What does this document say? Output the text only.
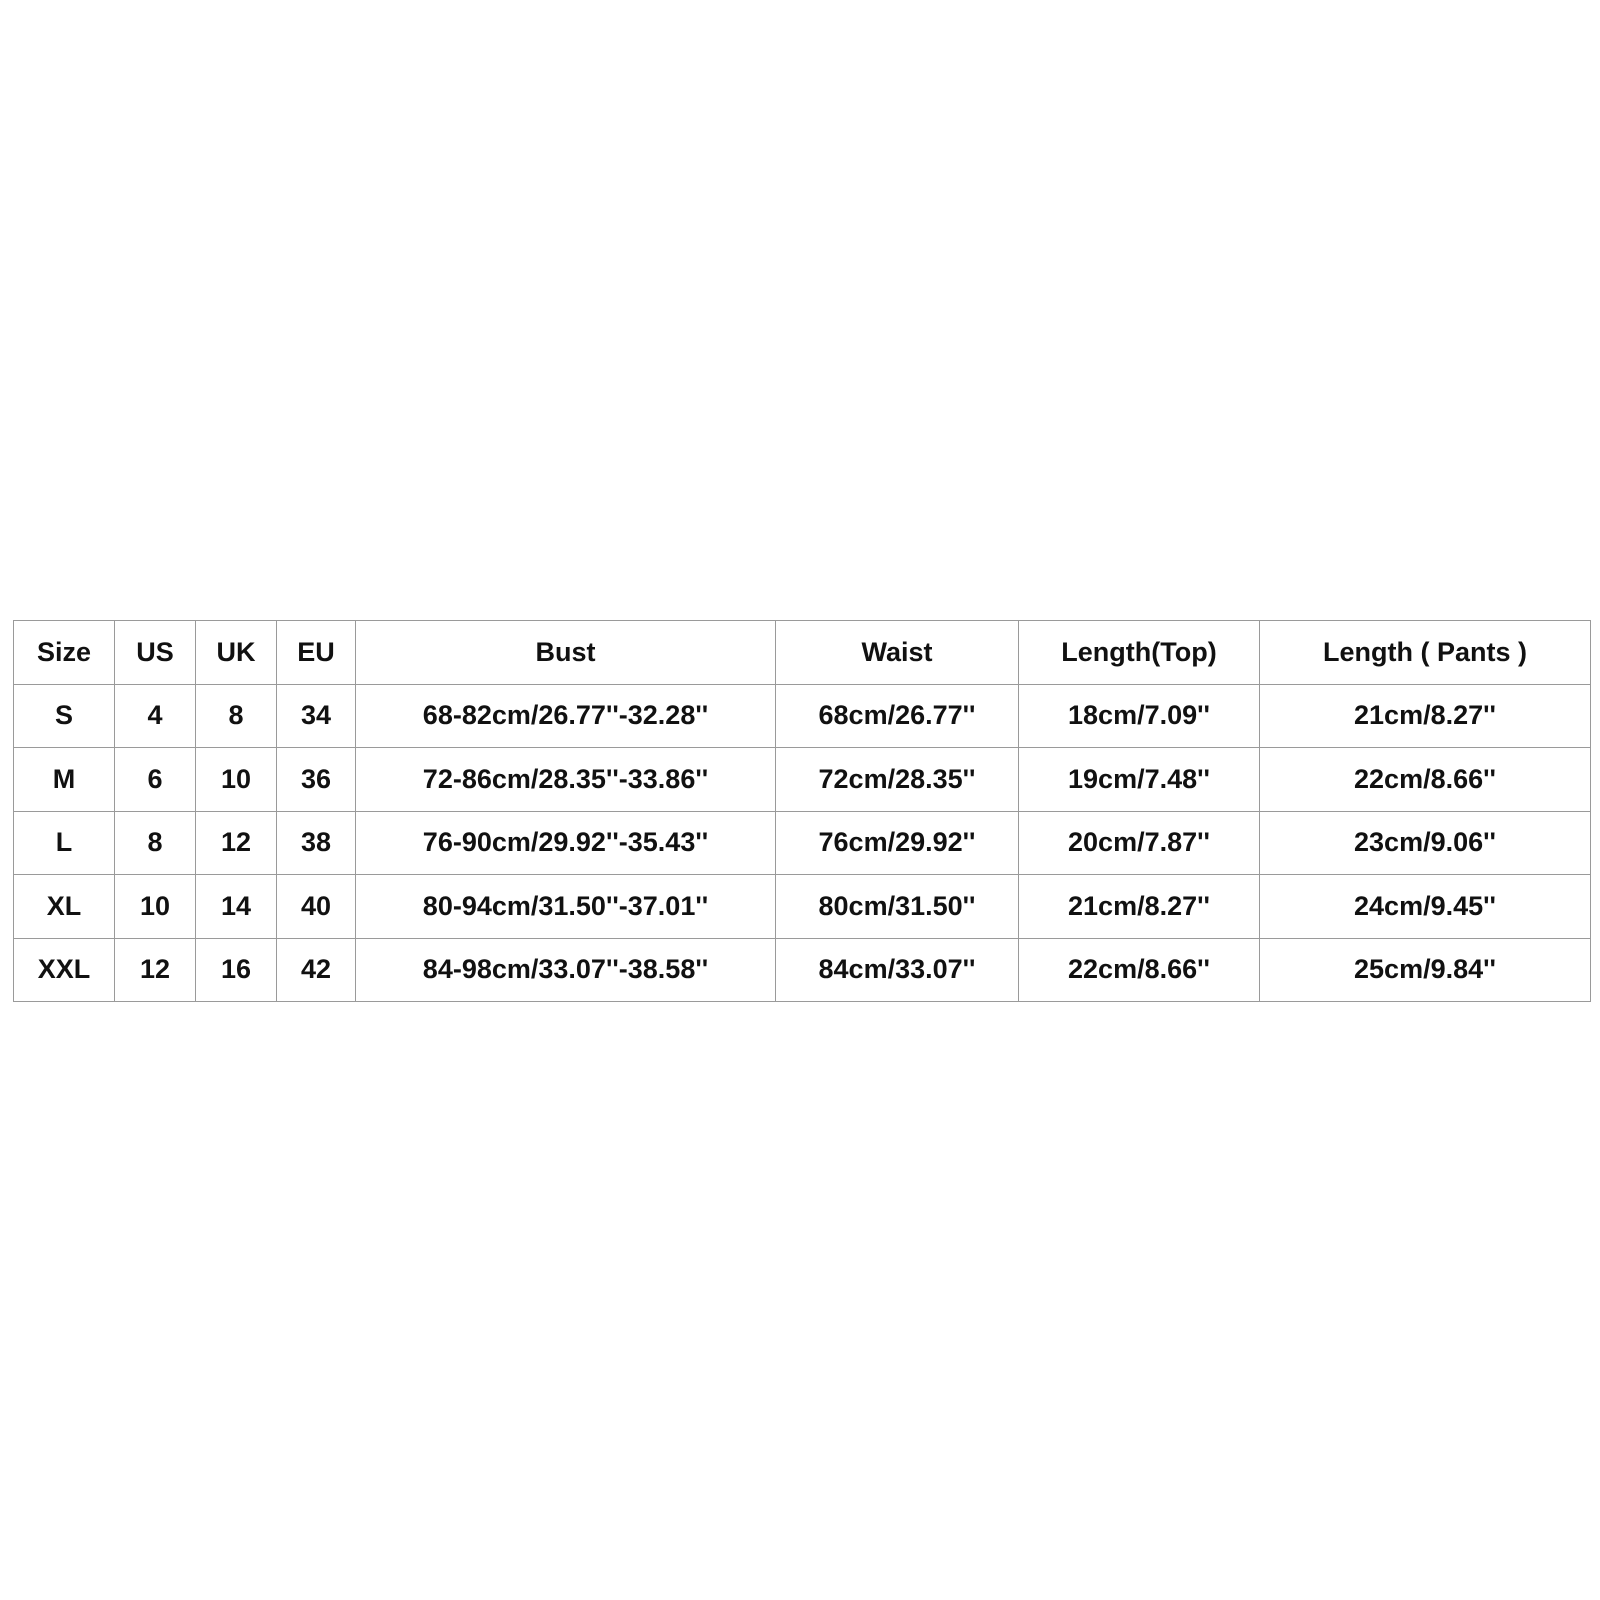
Size	US	UK	EU	Bust	Waist	Length(Top)	Length ( Pants )
S	4	8	34	68-82cm/26.77''-32.28''	68cm/26.77''	18cm/7.09''	21cm/8.27''
M	6	10	36	72-86cm/28.35''-33.86''	72cm/28.35''	19cm/7.48''	22cm/8.66''
L	8	12	38	76-90cm/29.92''-35.43''	76cm/29.92''	20cm/7.87''	23cm/9.06''
XL	10	14	40	80-94cm/31.50''-37.01''	80cm/31.50''	21cm/8.27''	24cm/9.45''
XXL	12	16	42	84-98cm/33.07''-38.58''	84cm/33.07''	22cm/8.66''	25cm/9.84''
